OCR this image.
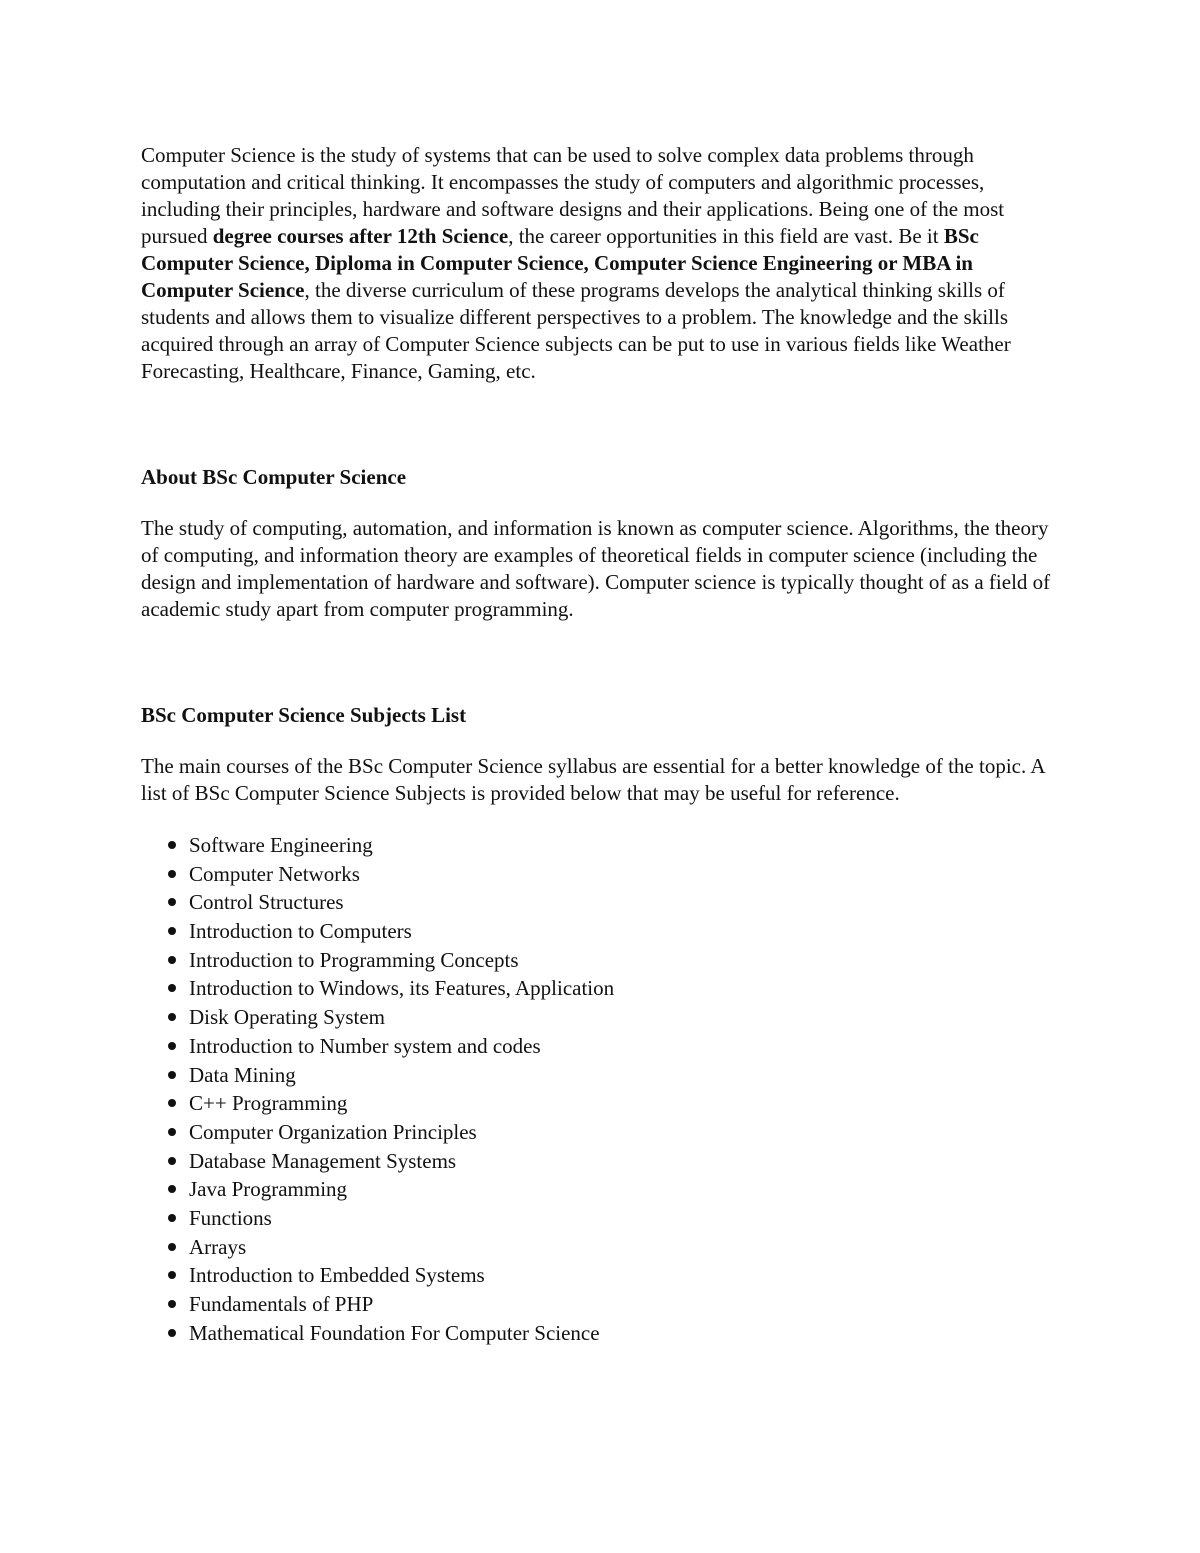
Computer Science is the study of systems that can be used to solve complex data problems through computation and critical thinking. It encompasses the study of computers and algorithmic processes, including their principles, hardware and software designs and their applications. Being one of the most pursued degree courses after 12th Science, the career opportunities in this field are vast. Be it BSc Computer Science, Diploma in Computer Science, Computer Science Engineering or MBA in Computer Science, the diverse curriculum of these programs develops the analytical thinking skills of students and allows them to visualize different perspectives to a problem. The knowledge and the skills acquired through an array of Computer Science subjects can be put to use in various fields like Weather Forecasting, Healthcare, Finance, Gaming, etc.

About BSc Computer Science

The study of computing, automation, and information is known as computer science. Algorithms, the theory of computing, and information theory are examples of theoretical fields in computer science (including the design and implementation of hardware and software). Computer science is typically thought of as a field of academic study apart from computer programming.

BSc Computer Science Subjects List

The main courses of the BSc Computer Science syllabus are essential for a better knowledge of the topic. A list of BSc Computer Science Subjects is provided below that may be useful for reference.

Software Engineering
Computer Networks
Control Structures
Introduction to Computers
Introduction to Programming Concepts
Introduction to Windows, its Features, Application
Disk Operating System
Introduction to Number system and codes
Data Mining
C++ Programming
Computer Organization Principles
Database Management Systems
Java Programming
Functions
Arrays
Introduction to Embedded Systems
Fundamentals of PHP
Mathematical Foundation For Computer Science
